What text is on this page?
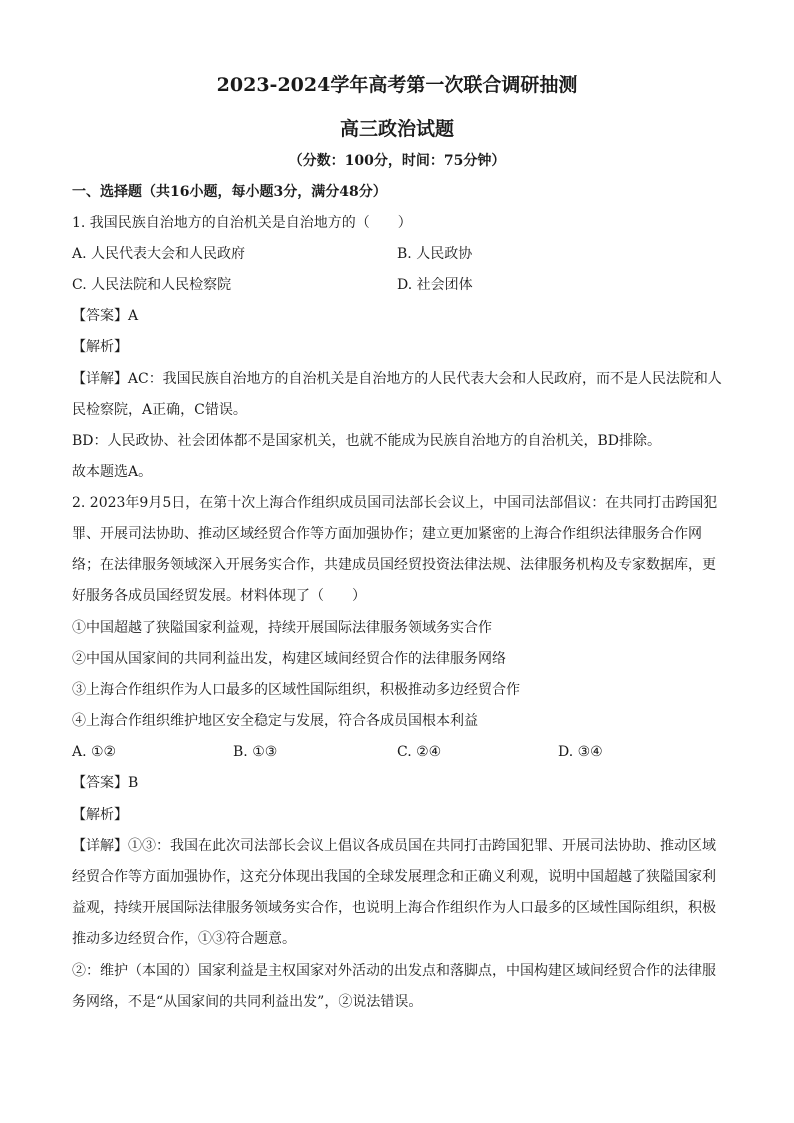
2023-2024学年高考第一次联合调研抽测
高三政治试题
（分数：100分，时间：75分钟）
一、选择题（共16小题，每小题3分，满分48分）
1. 我国民族自治地方的自治机关是自治地方的（　　）
A. 人民代表大会和人民政府	B. 人民政协
C. 人民法院和人民检察院	D. 社会团体
【答案】A
【解析】
【详解】AC：我国民族自治地方的自治机关是自治地方的人民代表大会和人民政府，而不是人民法院和人
民检察院，A正确，C错误。
BD：人民政协、社会团体都不是国家机关，也就不能成为民族自治地方的自治机关，BD排除。
故本题选A。
2. 2023年9月5日，在第十次上海合作组织成员国司法部长会议上，中国司法部倡议：在共同打击跨国犯
罪、开展司法协助、推动区域经贸合作等方面加强协作；建立更加紧密的上海合作组织法律服务合作网
络；在法律服务领域深入开展务实合作，共建成员国经贸投资法律法规、法律服务机构及专家数据库，更
好服务各成员国经贸发展。材料体现了（　　）
①中国超越了狭隘国家利益观，持续开展国际法律服务领域务实合作
②中国从国家间的共同利益出发，构建区域间经贸合作的法律服务网络
③上海合作组织作为人口最多的区域性国际组织，积极推动多边经贸合作
④上海合作组织维护地区安全稳定与发展，符合各成员国根本利益
A. ①②	B. ①③	C. ②④	D. ③④
【答案】B
【解析】
【详解】①③：我国在此次司法部长会议上倡议各成员国在共同打击跨国犯罪、开展司法协助、推动区域
经贸合作等方面加强协作，这充分体现出我国的全球发展理念和正确义利观，说明中国超越了狭隘国家利
益观，持续开展国际法律服务领域务实合作，也说明上海合作组织作为人口最多的区域性国际组织，积极
推动多边经贸合作，①③符合题意。
②：维护（本国的）国家利益是主权国家对外活动的出发点和落脚点，中国构建区域间经贸合作的法律服
务网络，不是“从国家间的共同利益出发”，②说法错误。
